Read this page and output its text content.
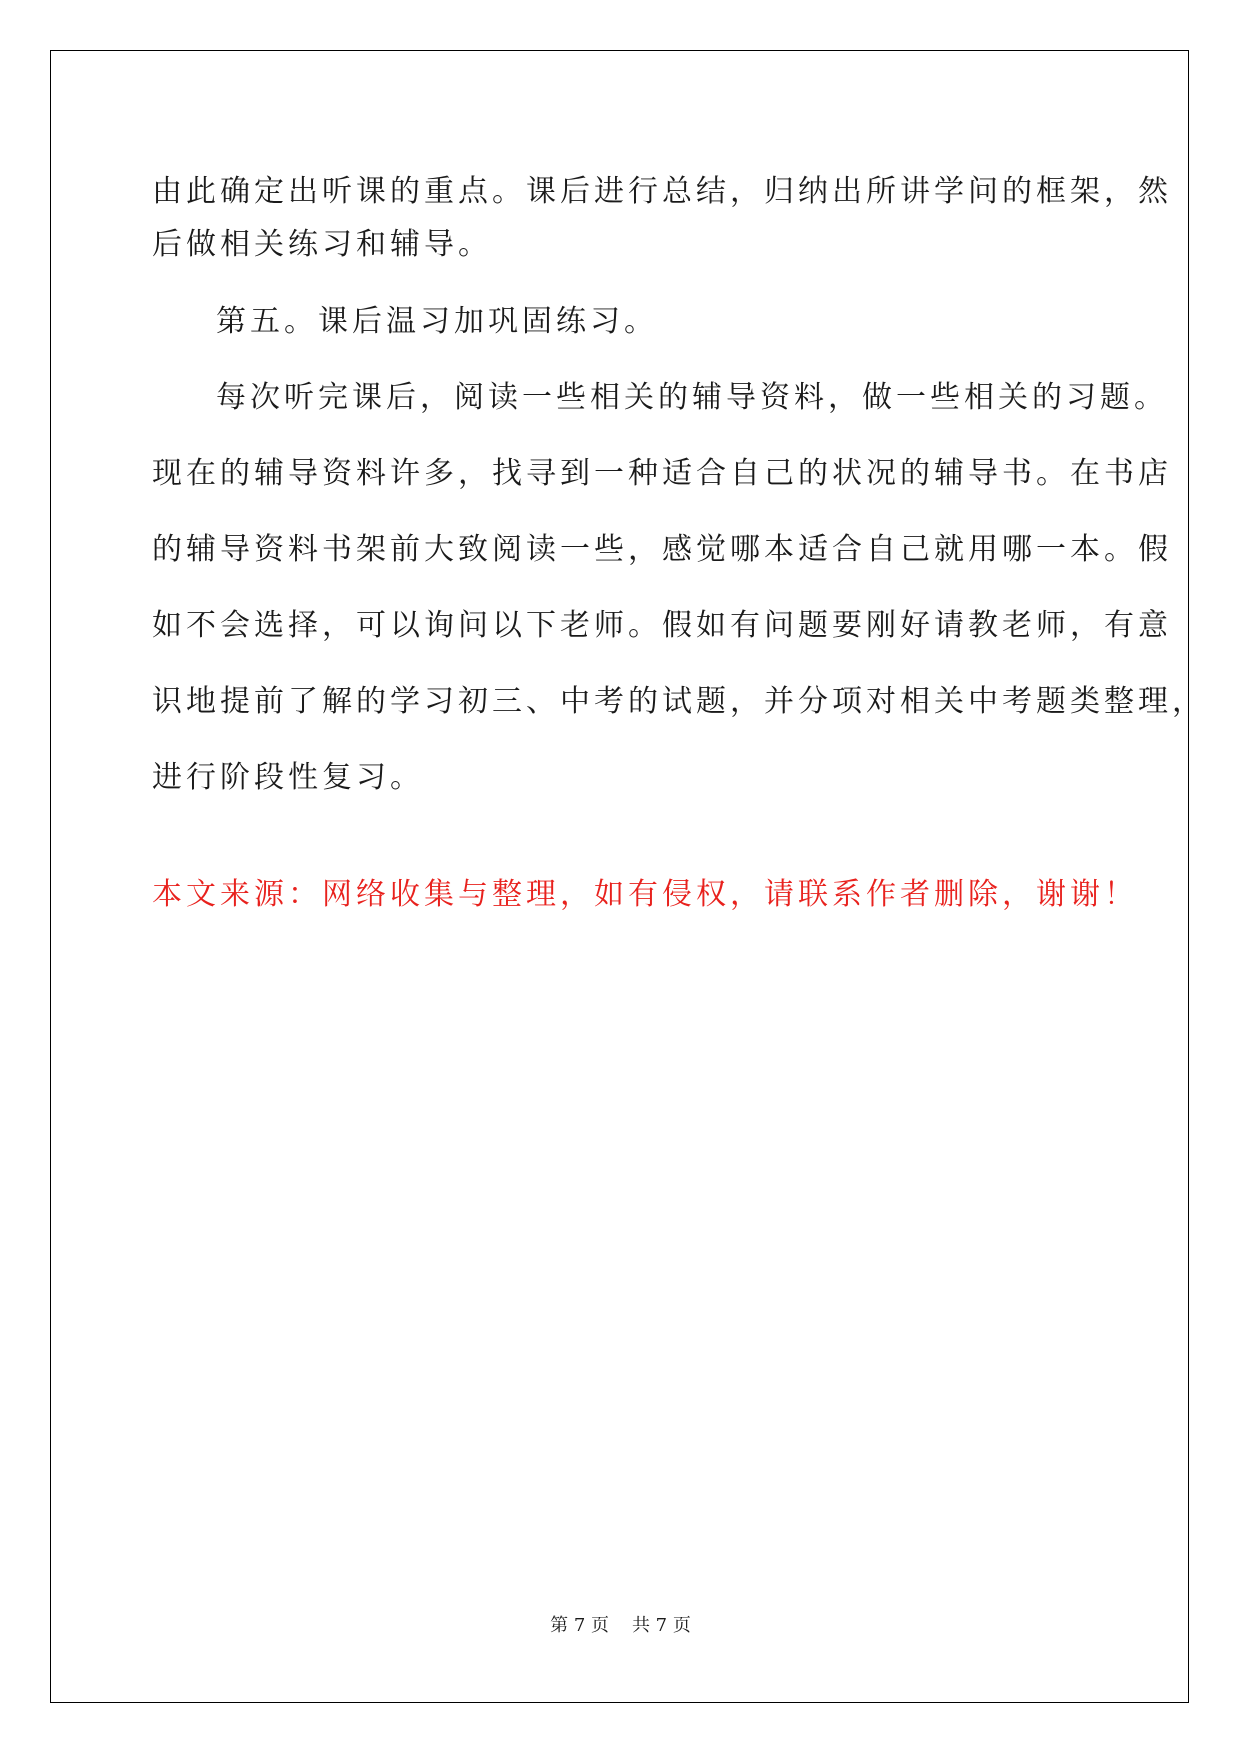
由此确定出听课的重点。课后进行总结，归纳出所讲学问的框架，然
后做相关练习和辅导。
第五。课后温习加巩固练习。
每次听完课后，阅读一些相关的辅导资料，做一些相关的习题。
现在的辅导资料许多，找寻到一种适合自己的状况的辅导书。在书店
的辅导资料书架前大致阅读一些，感觉哪本适合自己就用哪一本。假
如不会选择，可以询问以下老师。假如有问题要刚好请教老师，有意
识地提前了解的学习初三、中考的试题，并分项对相关中考题类整理，
进行阶段性复习。
本文来源：网络收集与整理，如有侵权，请联系作者删除，谢谢！
第 7 页    共 7 页
